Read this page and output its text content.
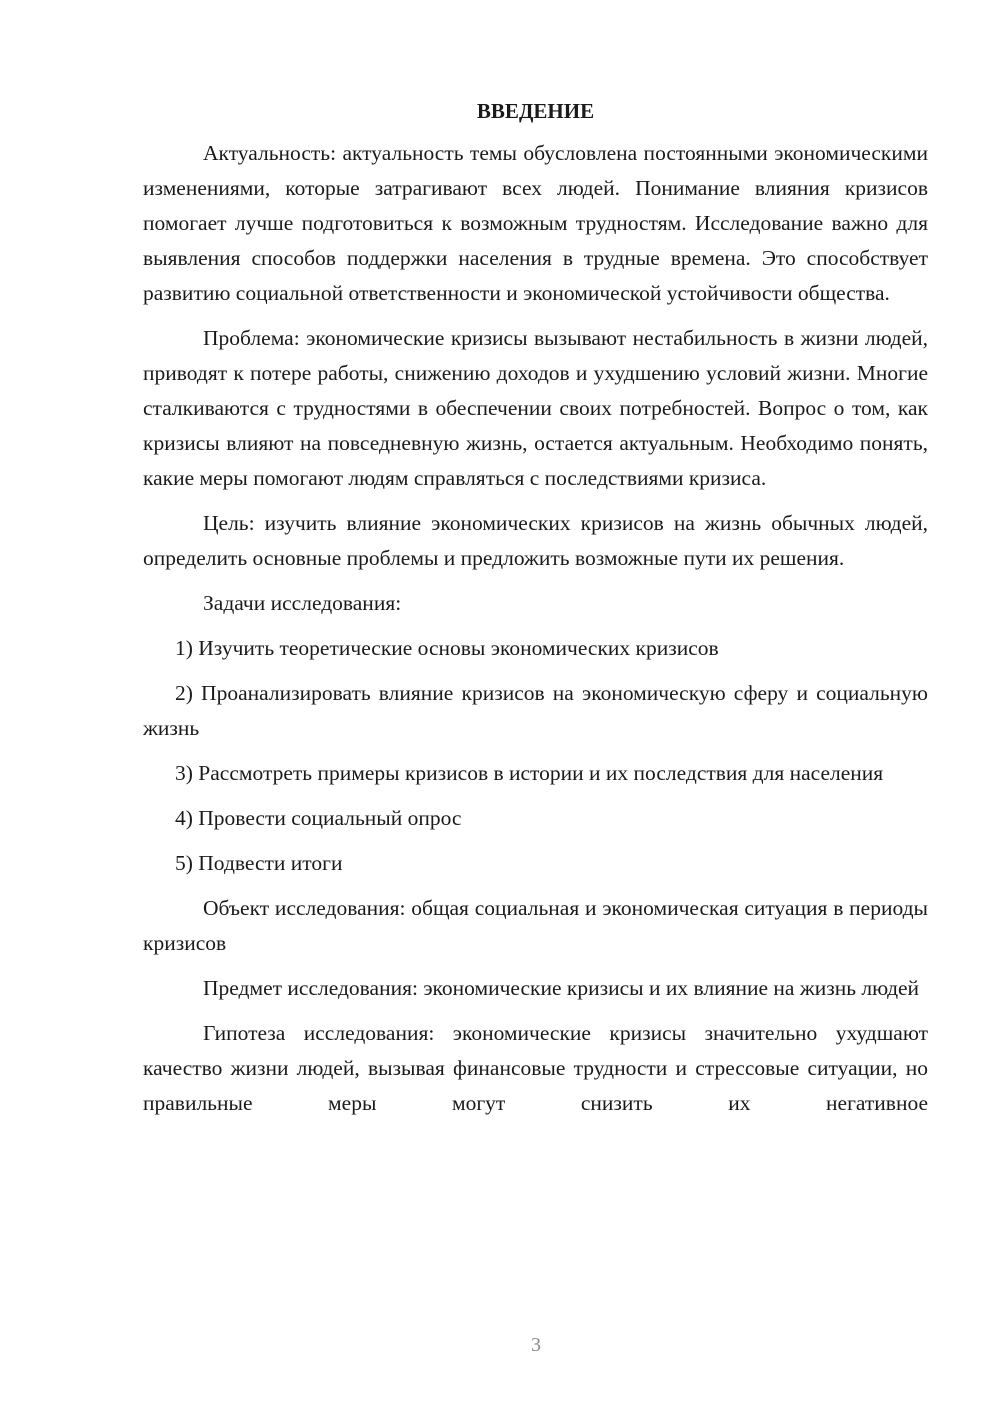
ВВЕДЕНИЕ

Актуальность: актуальность темы обусловлена постоянными экономическими изменениями, которые затрагивают всех людей. Понимание влияния кризисов помогает лучше подготовиться к возможным трудностям. Исследование важно для выявления способов поддержки населения в трудные времена. Это способствует развитию социальной ответственности и экономической устойчивости общества.

Проблема: экономические кризисы вызывают нестабильность в жизни людей, приводят к потере работы, снижению доходов и ухудшению условий жизни. Многие сталкиваются с трудностями в обеспечении своих потребностей. Вопрос о том, как кризисы влияют на повседневную жизнь, остается актуальным. Необходимо понять, какие меры помогают людям справляться с последствиями кризиса.

Цель: изучить влияние экономических кризисов на жизнь обычных людей, определить основные проблемы и предложить возможные пути их решения.

Задачи исследования:

1) Изучить теоретические основы экономических кризисов

2) Проанализировать влияние кризисов на экономическую сферу и социальную жизнь

3) Рассмотреть примеры кризисов в истории и их последствия для населения

4) Провести социальный опрос

5) Подвести итоги

Объект исследования: общая социальная и экономическая ситуация в периоды кризисов

Предмет исследования: экономические кризисы и их влияние на жизнь людей

Гипотеза исследования: экономические кризисы значительно ухудшают качество жизни людей, вызывая финансовые трудности и стрессовые ситуации, но правильные меры могут снизить их негативное

3
